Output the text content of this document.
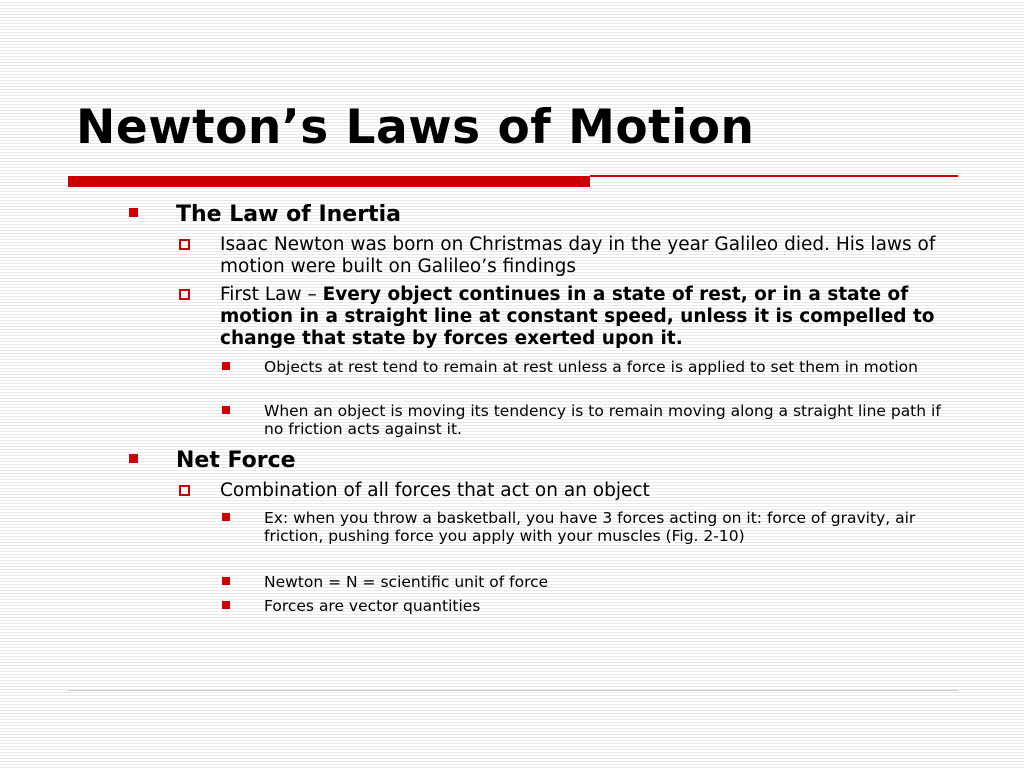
Newton’s Laws of Motion
The Law of Inertia
Isaac Newton was born on Christmas day in the year Galileo died. His laws of motion were built on Galileo’s findings
First Law – Every object continues in a state of rest, or in a state of motion in a straight line at constant speed, unless it is compelled to change that state by forces exerted upon it.
Objects at rest tend to remain at rest unless a force is applied to set them in motion
When an object is moving its tendency is to remain moving along a straight line path if no friction acts against it.
Net Force
Combination of all forces that act on an object
Ex: when you throw a basketball, you have 3 forces acting on it: force of gravity, air friction, pushing force you apply with your muscles (Fig. 2-10)
Newton = N = scientific unit of force
Forces are vector quantities
